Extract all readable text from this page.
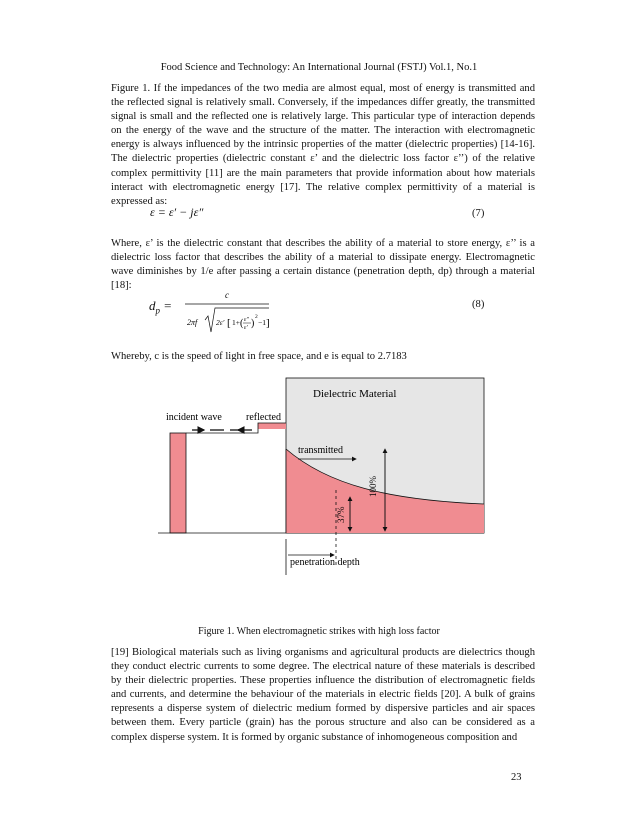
Food Science and Technology: An International Journal (FSTJ) Vol.1, No.1
Figure 1. If the impedances of the two media are almost equal, most of energy is transmitted and the reflected signal is relatively small. Conversely, if the impedances differ greatly, the transmitted signal is small and the reflected one is relatively large. This particular type of interaction depends on the energy of the wave and the structure of the matter. The interaction with electromagnetic energy is always influenced by the intrinsic properties of the matter (dielectric properties) [14-16]. The dielectric properties (dielectric constant ε’ and the dielectric loss factor ε’’) of the relative complex permittivity [11] are the main parameters that provide information about how materials interact with electromagnetic energy [17]. The relative complex permittivity of a material is expressed as:
ε = ε′ − jε″	(7)
Where, ε’ is the dielectric constant that describes the ability of a material to store energy, ε’’ is a dielectric loss factor that describes the ability of a material to dissipate energy. Electromagnetic wave diminishes by 1/e after passing a certain distance (penetration depth, dp) through a material [18]:
$d_p$ =
c
2πf	2ε′ [ 1+ ( ε″
ε′ )
2
−1 ]
(8)
Whereby, c is the speed of light in free space, and e is equal to 2.7183
Dielectric Material
incident wave reflected
transmitted
100%
37%
penetration depth
Figure 1. When electromagnetic strikes with high loss factor
[19] Biological materials such as living organisms and agricultural products are dielectrics though they conduct electric currents to some degree. The electrical nature of these materials is described by their dielectric properties. These properties influence the distribution of electromagnetic fields and currents, and determine the behaviour of the materials in electric fields [20]. A bulk of grains represents a disperse system of dielectric medium formed by dispersive particles and air spaces between them. Every particle (grain) has the porous structure and also can be considered as a complex disperse system. It is formed by organic substance of inhomogeneous composition and
23
